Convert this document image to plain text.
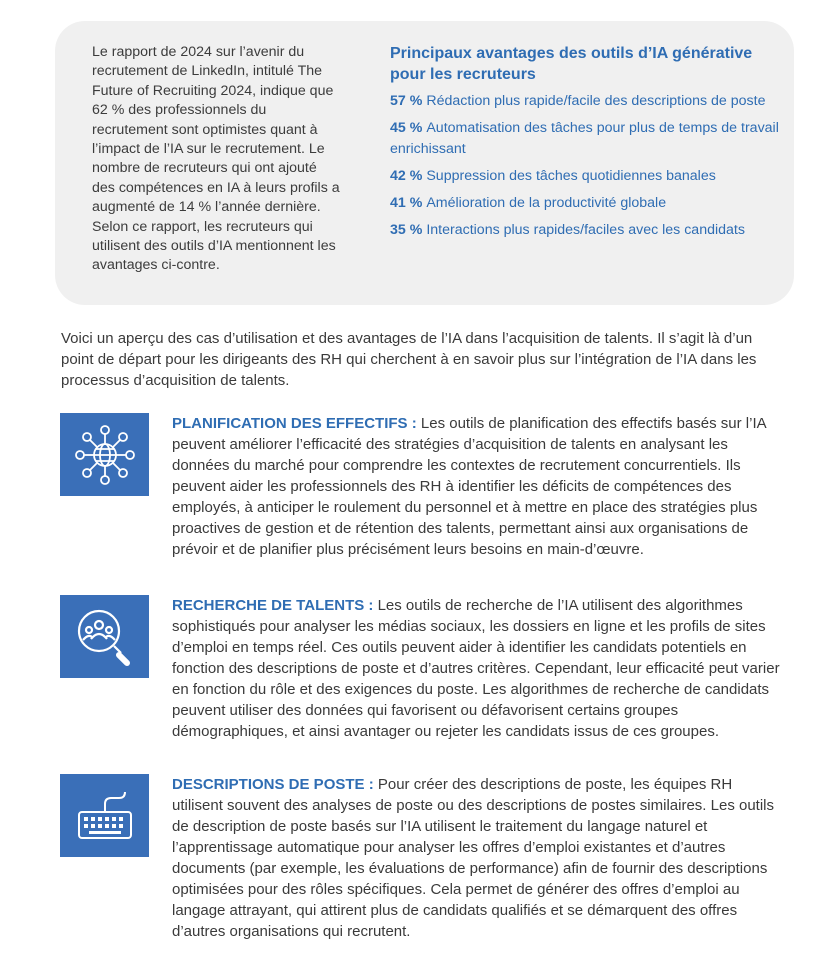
Le rapport de 2024 sur l’avenir du recrutement de LinkedIn, intitulé The Future of Recruiting 2024, indique que 62 % des professionnels du recrutement sont optimistes quant à l’impact de l’IA sur le recrutement. Le nombre de recruteurs qui ont ajouté des compétences en IA à leurs profils a augmenté de 14 % l’année dernière. Selon ce rapport, les recruteurs qui utilisent des outils d’IA mentionnent les avantages ci-contre.
Principaux avantages des outils d’IA générative pour les recruteurs
57 % Rédaction plus rapide/facile des descriptions de poste
45 % Automatisation des tâches pour plus de temps de travail enrichissant
42 % Suppression des tâches quotidiennes banales
41 % Amélioration de la productivité globale
35 % Interactions plus rapides/faciles avec les candidats
Voici un aperçu des cas d’utilisation et des avantages de l’IA dans l’acquisition de talents. Il s’agit là d’un point de départ pour les dirigeants des RH qui cherchent à en savoir plus sur l’intégration de l’IA dans les processus d’acquisition de talents.
PLANIFICATION DES EFFECTIFS : Les outils de planification des effectifs basés sur l’IA peuvent améliorer l’efficacité des stratégies d’acquisition de talents en analysant les données du marché pour comprendre les contextes de recrutement concurrentiels. Ils peuvent aider les professionnels des RH à identifier les déficits de compétences des employés, à anticiper le roulement du personnel et à mettre en place des stratégies plus proactives de gestion et de rétention des talents, permettant ainsi aux organisations de prévoir et de planifier plus précisément leurs besoins en main-d’œuvre.
RECHERCHE DE TALENTS : Les outils de recherche de l’IA utilisent des algorithmes sophistiqués pour analyser les médias sociaux, les dossiers en ligne et les profils de sites d’emploi en temps réel. Ces outils peuvent aider à identifier les candidats potentiels en fonction des descriptions de poste et d’autres critères. Cependant, leur efficacité peut varier en fonction du rôle et des exigences du poste. Les algorithmes de recherche de candidats peuvent utiliser des données qui favorisent ou défavorisent certains groupes démographiques, et ainsi avantager ou rejeter les candidats issus de ces groupes.
DESCRIPTIONS DE POSTE : Pour créer des descriptions de poste, les équipes RH utilisent souvent des analyses de poste ou des descriptions de postes similaires. Les outils de description de poste basés sur l’IA utilisent le traitement du langage naturel et l’apprentissage automatique pour analyser les offres d’emploi existantes et d’autres documents (par exemple, les évaluations de performance) afin de fournir des descriptions optimisées pour des rôles spécifiques. Cela permet de générer des offres d’emploi au langage attrayant, qui attirent plus de candidats qualifiés et se démarquent des offres d’autres organisations qui recrutent.
